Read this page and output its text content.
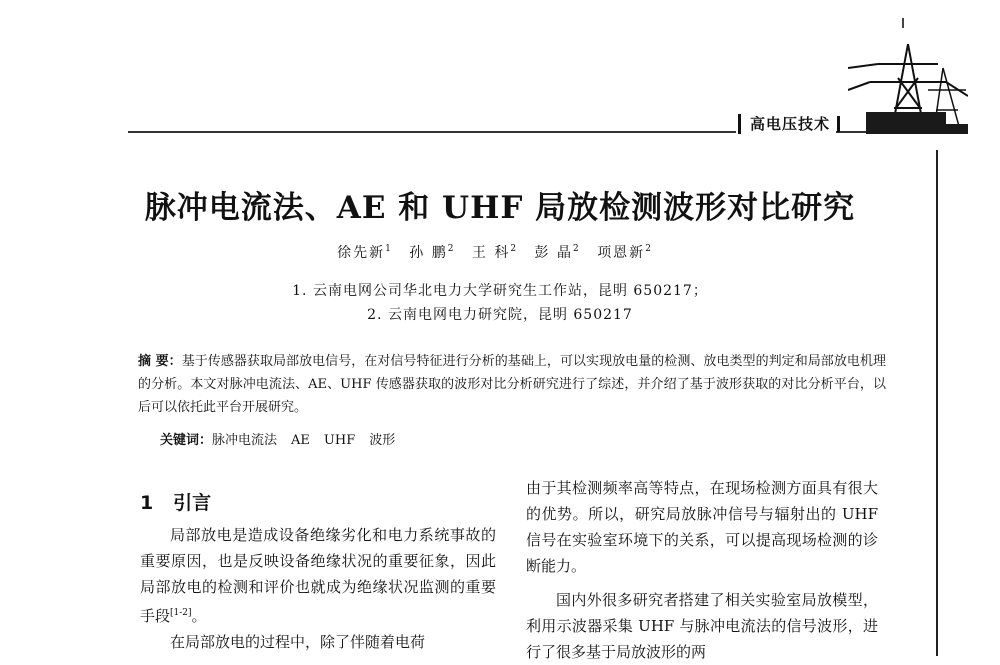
高电压技术
脉冲电流法、AE 和 UHF 局放检测波形对比研究
徐先新$^1$ 孙 鹏$^2$ 王 科$^2$ 彭 晶$^2$ 项恩新$^2$
1. 云南电网公司华北电力大学研究生工作站，昆明 650217；
2. 云南电网电力研究院，昆明 650217
摘 要：基于传感器获取局部放电信号，在对信号特征进行分析的基础上，可以实现放电量的检测、放电类型的判定和局部放电机理的分析。本文对脉冲电流法、AE、UHF 传感器获取的波形对比分析研究进行了综述，并介绍了基于波形获取的对比分析平台，以后可以依托此平台开展研究。
关键词：脉冲电流法 AE UHF 波形
1 引言

局部放电是造成设备绝缘劣化和电力系统事故的重要原因，也是反映设备绝缘状况的重要征象，因此局部放电的检测和评价也就成为绝缘状况监测的重要手段[1-2]。

在局部放电的过程中，除了伴随着电荷

由于其检测频率高等特点，在现场检测方面具有很大的优势。所以，研究局放脉冲信号与辐射出的 UHF 信号在实验室环境下的关系，可以提高现场检测的诊断能力。

国内外很多研究者搭建了相关实验室局放模型，利用示波器采集 UHF 与脉冲电流法的信号波形，进行了很多基于局放波形的两
